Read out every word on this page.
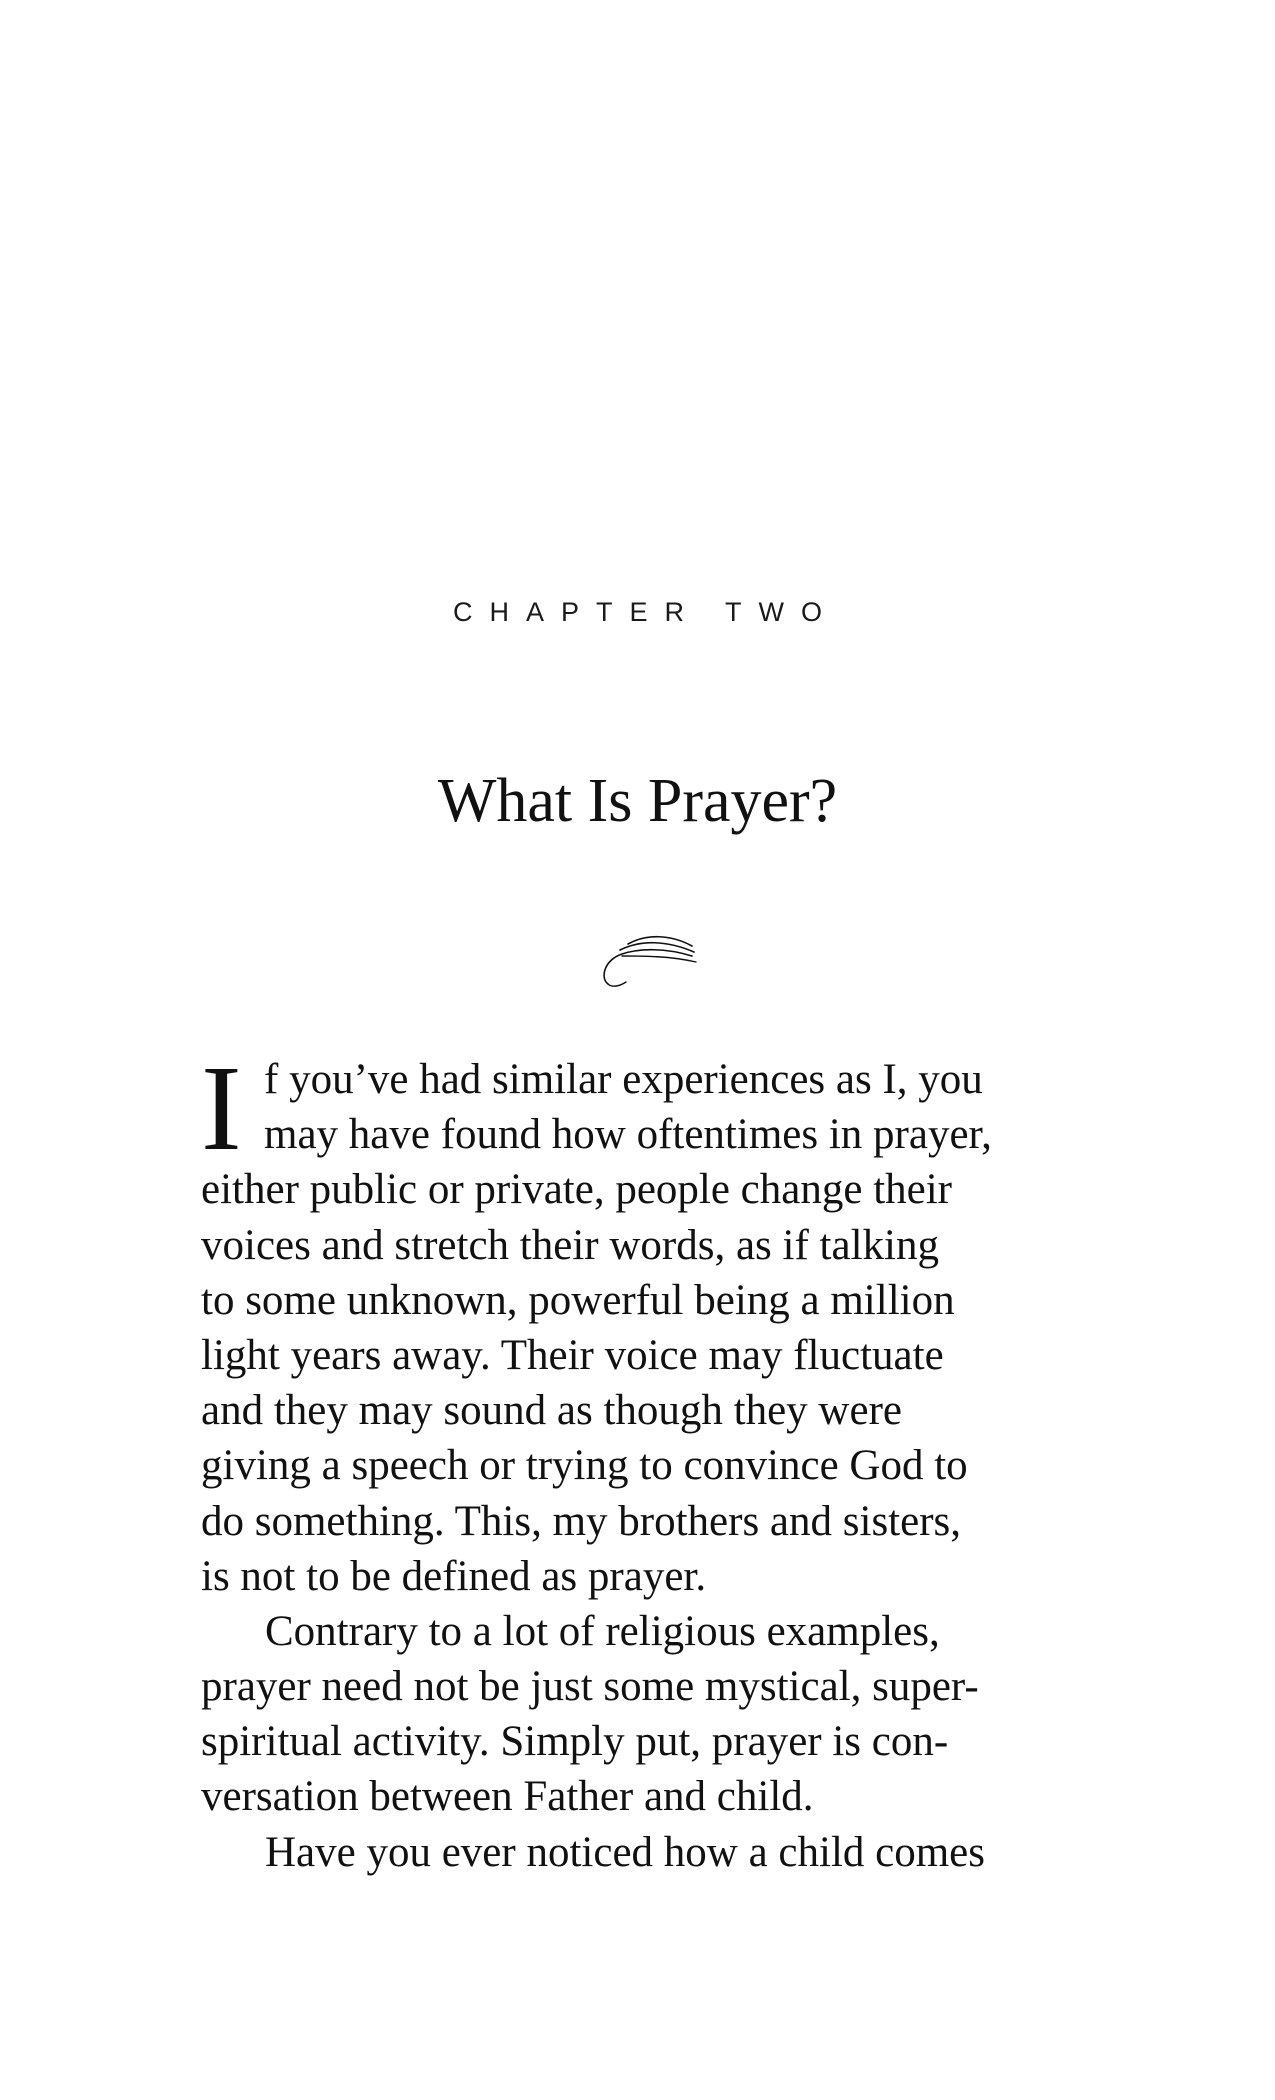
CHAPTER TWO
What Is Prayer?
I f you’ve had similar experiences as I, you
may have found how oftentimes in prayer,
either public or private, people change their
voices and stretch their words, as if talking
to some unknown, powerful being a million
light years away. Their voice may fluctuate
and they may sound as though they were
giving a speech or trying to convince God to
do something. This, my brothers and sisters,
is not to be defined as prayer.
Contrary to a lot of religious examples,
prayer need not be just some mystical, super-
spiritual activity. Simply put, prayer is con-
versation between Father and child.
Have you ever noticed how a child comes
